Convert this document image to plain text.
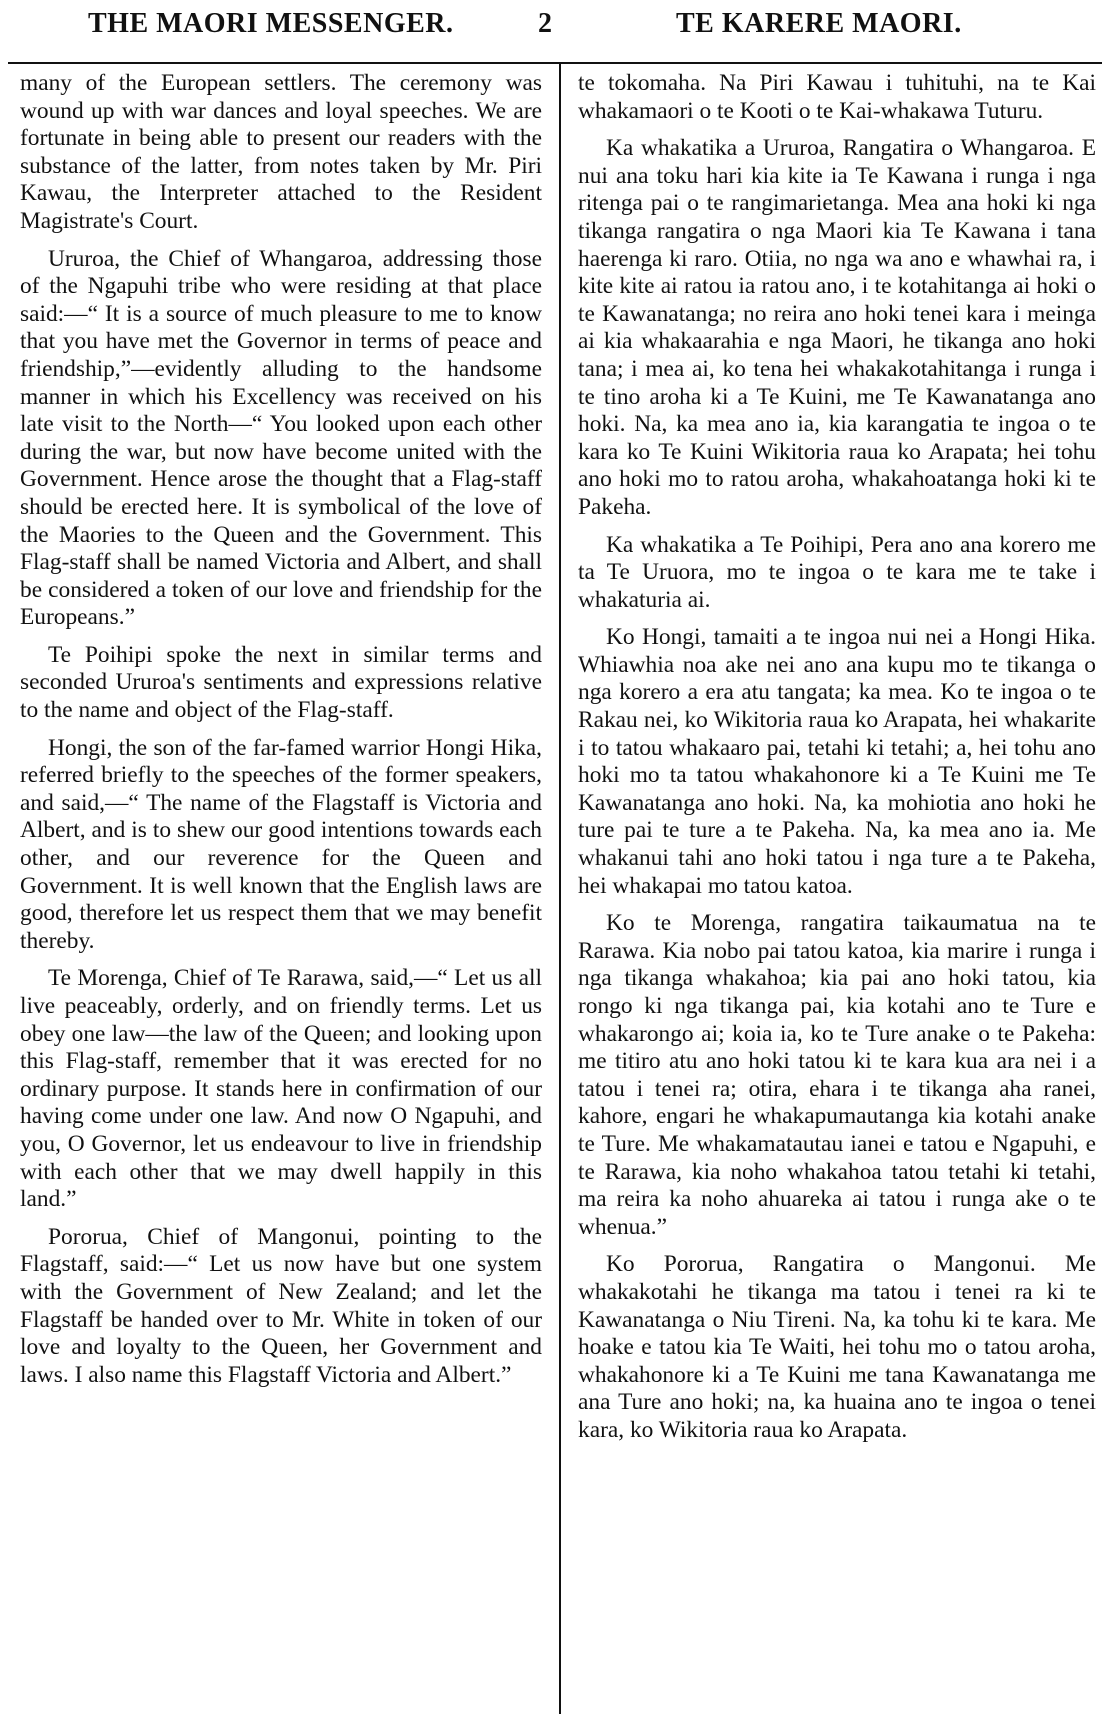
THE MAORI MESSENGER.	2	TE KARERE MAORI.

many of the European settlers. The ceremony was wound up with war dances and loyal speeches. We are fortunate in being able to present our readers with the substance of the latter, from notes taken by Mr. Piri Kawau, the Interpreter attached to the Resident Magistrate's Court.

Ururoa, the Chief of Whangaroa, addressing those of the Ngapuhi tribe who were residing at that place said:—“ It is a source of much pleasure to me to know that you have met the Governor in terms of peace and friendship,”—evidently alluding to the handsome manner in which his Excellency was received on his late visit to the North—“ You looked upon each other during the war, but now have become united with the Government. Hence arose the thought that a Flag-staff should be erected here. It is symbolical of the love of the Maories to the Queen and the Government. This Flag-staff shall be named Victoria and Albert, and shall be considered a token of our love and friendship for the Europeans.”

Te Poihipi spoke the next in similar terms and seconded Ururoa's sentiments and expressions relative to the name and object of the Flag-staff.

Hongi, the son of the far-famed warrior Hongi Hika, referred briefly to the speeches of the former speakers, and said,—“ The name of the Flagstaff is Victoria and Albert, and is to shew our good intentions towards each other, and our reverence for the Queen and Government. It is well known that the English laws are good, therefore let us respect them that we may benefit thereby.

Te Morenga, Chief of Te Rarawa, said,—“ Let us all live peaceably, orderly, and on friendly terms. Let us obey one law—the law of the Queen; and looking upon this Flag-staff, remember that it was erected for no ordinary purpose. It stands here in confirmation of our having come under one law. And now O Ngapuhi, and you, O Governor, let us endeavour to live in friendship with each other that we may dwell happily in this land.”

Pororua, Chief of Mangonui, pointing to the Flagstaff, said:—“ Let us now have but one system with the Government of New Zealand; and let the Flagstaff be handed over to Mr. White in token of our love and loyalty to the Queen, her Government and laws. I also name this Flagstaff Victoria and Albert.”

te tokomaha. Na Piri Kawau i tuhituhi, na te Kai whakamaori o te Kooti o te Kai-whakawa Tuturu.

Ka whakatika a Ururoa, Rangatira o Whangaroa. E nui ana toku hari kia kite ia Te Kawana i runga i nga ritenga pai o te rangimarietanga. Mea ana hoki ki nga tikanga rangatira o nga Maori kia Te Kawana i tana haerenga ki raro. Otiia, no nga wa ano e whawhai ra, i kite kite ai ratou ia ratou ano, i te kotahitanga ai hoki o te Kawanatanga; no reira ano hoki tenei kara i meinga ai kia whakaarahia e nga Maori, he tikanga ano hoki tana; i mea ai, ko tena hei whakakotahitanga i runga i te tino aroha ki a Te Kuini, me Te Kawanatanga ano hoki. Na, ka mea ano ia, kia karangatia te ingoa o te kara ko Te Kuini Wikitoria raua ko Arapata; hei tohu ano hoki mo to ratou aroha, whakahoatanga hoki ki te Pakeha.

Ka whakatika a Te Poihipi, Pera ano ana korero me ta Te Uruora, mo te ingoa o te kara me te take i whakaturia ai.

Ko Hongi, tamaiti a te ingoa nui nei a Hongi Hika. Whiawhia noa ake nei ano ana kupu mo te tikanga o nga korero a era atu tangata; ka mea. Ko te ingoa o te Rakau nei, ko Wikitoria raua ko Arapata, hei whakarite i to tatou whakaaro pai, tetahi ki tetahi; a, hei tohu ano hoki mo ta tatou whakahonore ki a Te Kuini me Te Kawanatanga ano hoki. Na, ka mohiotia ano hoki he ture pai te ture a te Pakeha. Na, ka mea ano ia. Me whakanui tahi ano hoki tatou i nga ture a te Pakeha, hei whakapai mo tatou katoa.

Ko te Morenga, rangatira taikaumatua na te Rarawa. Kia nobo pai tatou katoa, kia marire i runga i nga tikanga whakahoa; kia pai ano hoki tatou, kia rongo ki nga tikanga pai, kia kotahi ano te Ture e whakarongo ai; koia ia, ko te Ture anake o te Pakeha: me titiro atu ano hoki tatou ki te kara kua ara nei i a tatou i tenei ra; otira, ehara i te tikanga aha ranei, kahore, engari he whakapumautanga kia kotahi anake te Ture. Me whakamatautau ianei e tatou e Ngapuhi, e te Rarawa, kia noho whakahoa tatou tetahi ki tetahi, ma reira ka noho ahuareka ai tatou i runga ake o te whenua.”

Ko Pororua, Rangatira o Mangonui. Me whakakotahi he tikanga ma tatou i tenei ra ki te Kawanatanga o Niu Tireni. Na, ka tohu ki te kara. Me hoake e tatou kia Te Waiti, hei tohu mo o tatou aroha, whakahonore ki a Te Kuini me tana Kawanatanga me ana Ture ano hoki; na, ka huaina ano te ingoa o tenei kara, ko Wikitoria raua ko Arapata.
